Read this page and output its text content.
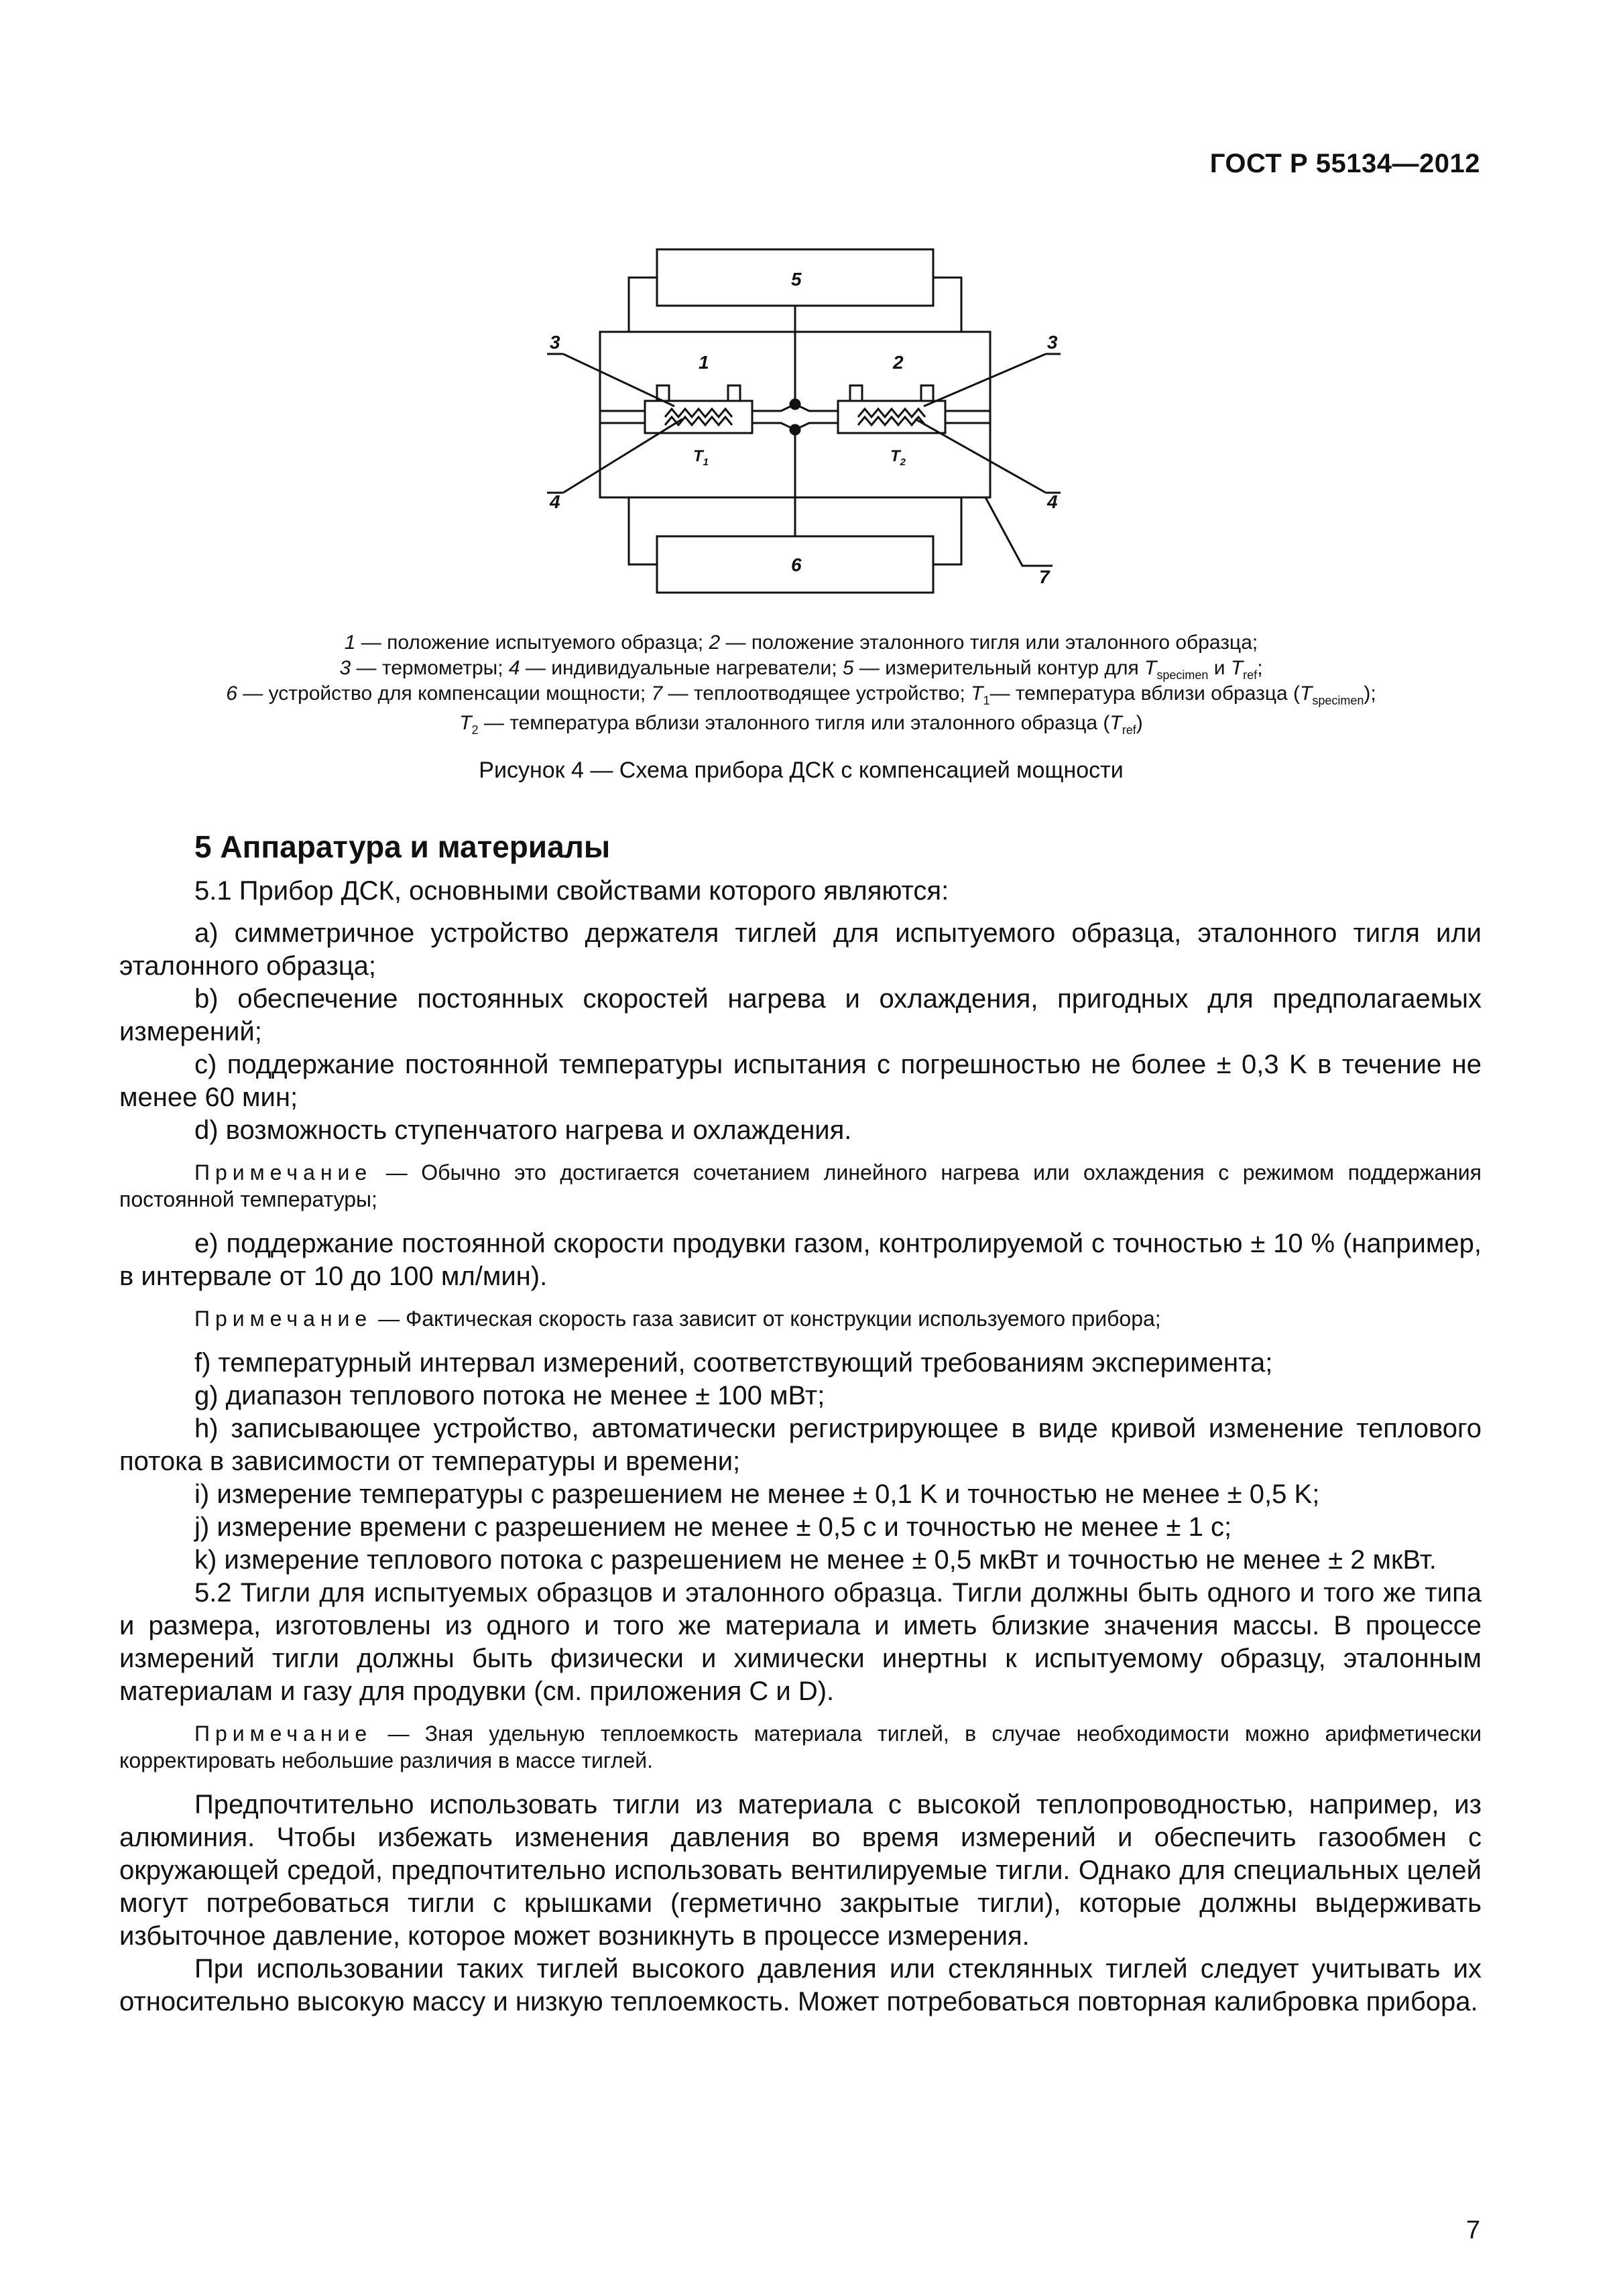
ГОСТ Р 55134—2012
5
6
1	2
3	3
4	4
7
$T_1$	$T_2$
1 — положение испытуемого образца; 2 — положение эталонного тигля или эталонного образца;
3 — термометры; 4 — индивидуальные нагреватели; 5 — измерительный контур для $T_{specimen}$ и $T_{ref}$;
6 — устройство для компенсации мощности; 7 — теплоотводящее устройство; $T_1—$ температура вблизи образца $(T_{specimen})$;
$T_2$ — температура вблизи эталонного тигля или эталонного образца $(T_{ref})$
Рисунок 4 — Схема прибора ДСК с компенсацией мощности
5 Аппаратура и материалы

5.1 Прибор ДСК, основными свойствами которого являются:

a) симметричное устройство держателя тиглей для испытуемого образца, эталонного тигля или эталонного образца;

b) обеспечение постоянных скоростей нагрева и охлаждения, пригодных для предполагаемых измерений;

c) поддержание постоянной температуры испытания с погрешностью не более ± 0,3 K в течение не менее 60 мин;

d) возможность ступенчатого нагрева и охлаждения.

Примечание — Обычно это достигается сочетанием линейного нагрева или охлаждения с режимом поддержания постоянной температуры;

e) поддержание постоянной скорости продувки газом, контролируемой с точностью ± 10 % (например, в интервале от 10 до 100 мл/мин).

Примечание — Фактическая скорость газа зависит от конструкции используемого прибора;

f) температурный интервал измерений, соответствующий требованиям эксперимента;

g) диапазон теплового потока не менее ± 100 мВт;

h) записывающее устройство, автоматически регистрирующее в виде кривой изменение теплового потока в зависимости от температуры и времени;

i) измерение температуры с разрешением не менее ± 0,1 K и точностью не менее ± 0,5 K;

j) измерение времени с разрешением не менее ± 0,5 с и точностью не менее ± 1 с;

k) измерение теплового потока с разрешением не менее ± 0,5 мкВт и точностью не менее ± 2 мкВт.

5.2 Тигли для испытуемых образцов и эталонного образца. Тигли должны быть одного и того же типа и размера, изготовлены из одного и того же материала и иметь близкие значения массы. В процессе измерений тигли должны быть физически и химически инертны к испытуемому образцу, эталонным материалам и газу для продувки (см. приложения C и D).

Примечание — Зная удельную теплоемкость материала тиглей, в случае необходимости можно арифметически корректировать небольшие различия в массе тиглей.

Предпочтительно использовать тигли из материала с высокой теплопроводностью, например, из алюминия. Чтобы избежать изменения давления во время измерений и обеспечить газообмен с окружающей средой, предпочтительно использовать вентилируемые тигли. Однако для специальных целей могут потребоваться тигли с крышками (герметично закрытые тигли), которые должны выдерживать избыточное давление, которое может возникнуть в процессе измерения.

При использовании таких тиглей высокого давления или стеклянных тиглей следует учитывать их относительно высокую массу и низкую теплоемкость. Может потребоваться повторная калибровка прибора.

7
